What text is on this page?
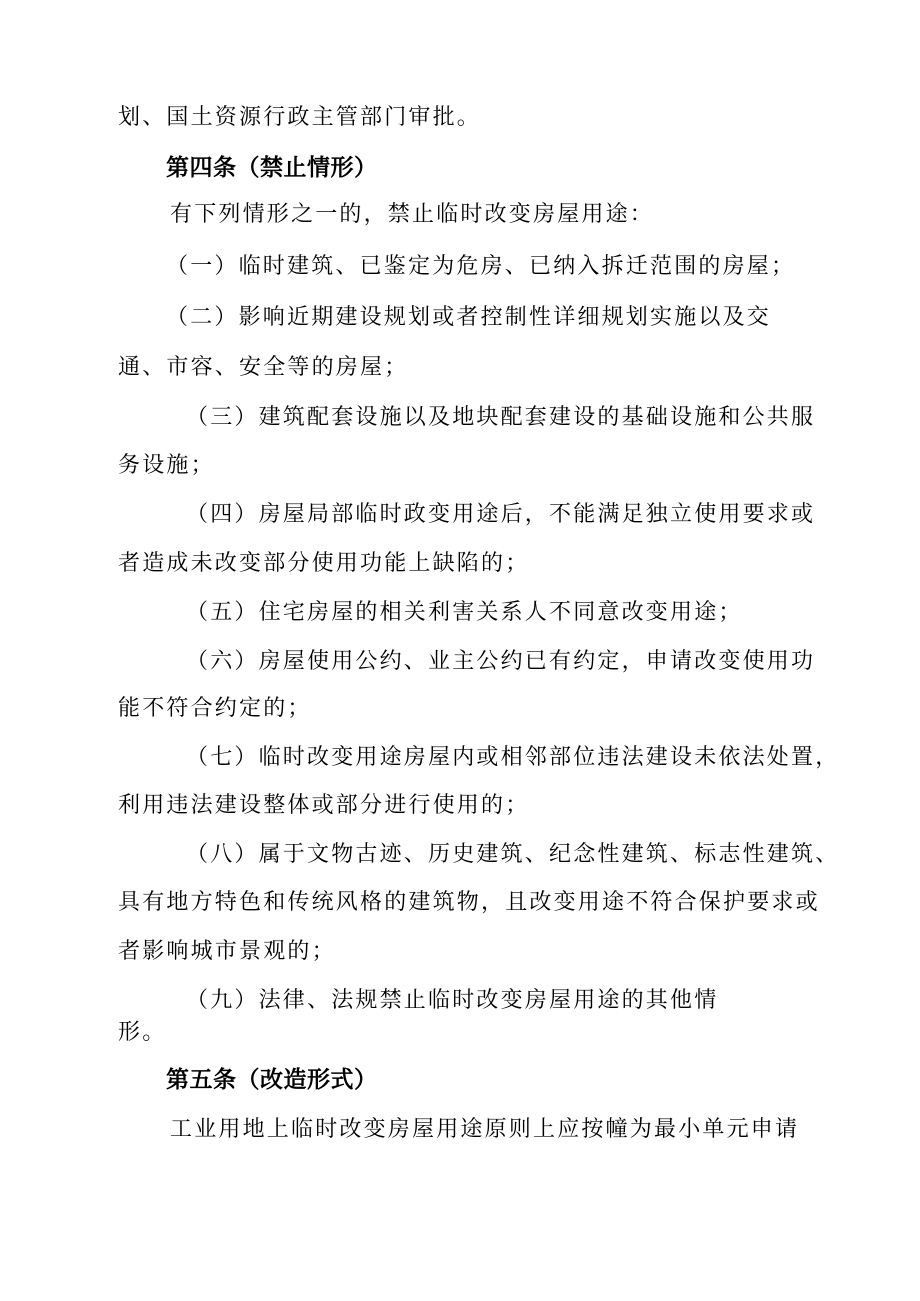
划、国土资源行政主管部门审批。
第四条（禁止情形）
有下列情形之一的，禁止临时改变房屋用途：
（一）临时建筑、已鉴定为危房、已纳入拆迁范围的房屋；
（二）影响近期建设规划或者控制性详细规划实施以及交
通、市容、安全等的房屋；
（三）建筑配套设施以及地块配套建设的基础设施和公共服
务设施；
（四）房屋局部临时政变用途后，不能满足独立使用要求或
者造成未改变部分使用功能上缺陷的；
（五）住宅房屋的相关利害关系人不同意改变用途；
（六）房屋使用公约、业主公约已有约定，申请改变使用功
能不符合约定的；
（七）临时改变用途房屋内或相邻部位违法建设未依法处置，
利用违法建设整体或部分进行使用的；
（八）属于文物古迹、历史建筑、纪念性建筑、标志性建筑、
具有地方特色和传统风格的建筑物，且改变用途不符合保护要求或
者影响城市景观的；
（九）法律、法规禁止临时改变房屋用途的其他情
形。
第五条（改造形式）
工业用地上临时改变房屋用途原则上应按幢为最小单元申请
